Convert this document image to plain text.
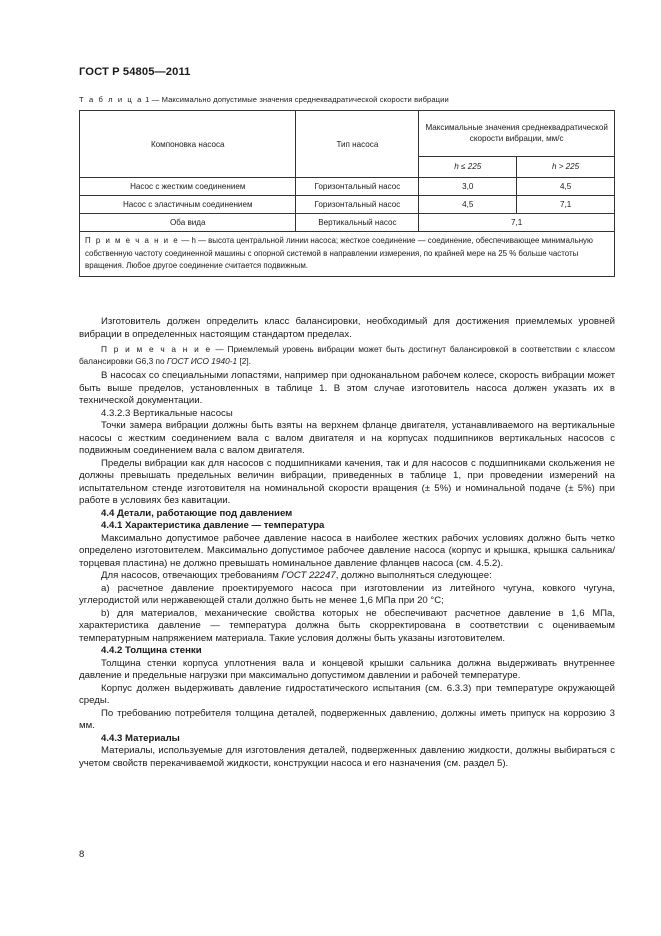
ГОСТ Р 54805—2011
Т а б л и ц а 1 — Максимально допустимые значения среднеквадратической скорости вибрации
Компоновка насоса	Тип насоса	Максимальные значения среднеквадратической скорости вибрации, мм/с	
		h ≤ 225	h > 225
Насос с жестким соединением	Горизонтальный насос	3,0	4,5
Насос с эластичным соединением	Горизонтальный насос	4,5	7,1
Оба вида	Вертикальный насос	7,1	
П р и м е ч а н и е — h — высота центральной линии насоса; жесткое соединение — соединение, обеспечивающее минимальную собственную частоту соединенной машины с опорной системой в направлении измерения, по крайней мере на 25 % больше частоты вращения. Любое другое соединение считается подвижным.			

Изготовитель должен определить класс балансировки, необходимый для достижения приемлемых уровней вибрации в определенных настоящим стандартом пределах.

П р и м е ч а н и е — Приемлемый уровень вибрации может быть достигнут балансировкой в соответствии с классом балансировки G6,3 по ГОСТ ИСО 1940-1 [2].

В насосах со специальными лопастями, например при одноканальном рабочем колесе, скорость вибрации может быть выше пределов, установленных в таблице 1. В этом случае изготовитель насоса должен указать их в технической документации.

4.3.2.3 Вертикальные насосы

Точки замера вибрации должны быть взяты на верхнем фланце двигателя, устанавливаемого на вертикальные насосы с жестким соединением вала с валом двигателя и на корпусах подшипников вертикальных насосов с подвижным соединением вала с валом двигателя.

Пределы вибрации как для насосов с подшипниками качения, так и для насосов с подшипниками скольжения не должны превышать предельных величин вибрации, приведенных в таблице 1, при проведении измерений на испытательном стенде изготовителя на номинальной скорости вращения (± 5%) и номинальной подаче (± 5%) при работе в условиях без кавитации.

4.4 Детали, работающие под давлением

4.4.1 Характеристика давление — температура

Максимально допустимое рабочее давление насоса в наиболее жестких рабочих условиях должно быть четко определено изготовителем. Максимально допустимое рабочее давление насоса (корпус и крышка, крышка сальника/торцевая пластина) не должно превышать номинальное давление фланцев насоса (см. 4.5.2).

Для насосов, отвечающих требованиям ГОСТ 22247, должно выполняться следующее:

a) расчетное давление проектируемого насоса при изготовлении из литейного чугуна, ковкого чугуна, углеродистой или нержавеющей стали должно быть не менее 1,6 МПа при 20 °С;

b) для материалов, механические свойства которых не обеспечивают расчетное давление в 1,6 МПа, характеристика давление — температура должна быть скорректирована в соответствии с оцениваемым температурным напряжением материала. Такие условия должны быть указаны изготовителем.

4.4.2 Толщина стенки

Толщина стенки корпуса уплотнения вала и концевой крышки сальника должна выдерживать внутреннее давление и предельные нагрузки при максимально допустимом давлении и рабочей температуре.

Корпус должен выдерживать давление гидростатического испытания (см. 6.3.3) при температуре окружающей среды.

По требованию потребителя толщина деталей, подверженных давлению, должны иметь припуск на коррозию 3 мм.

4.4.3 Материалы

Материалы, используемые для изготовления деталей, подверженных давлению жидкости, должны выбираться с учетом свойств перекачиваемой жидкости, конструкции насоса и его назначения (см. раздел 5).

8
